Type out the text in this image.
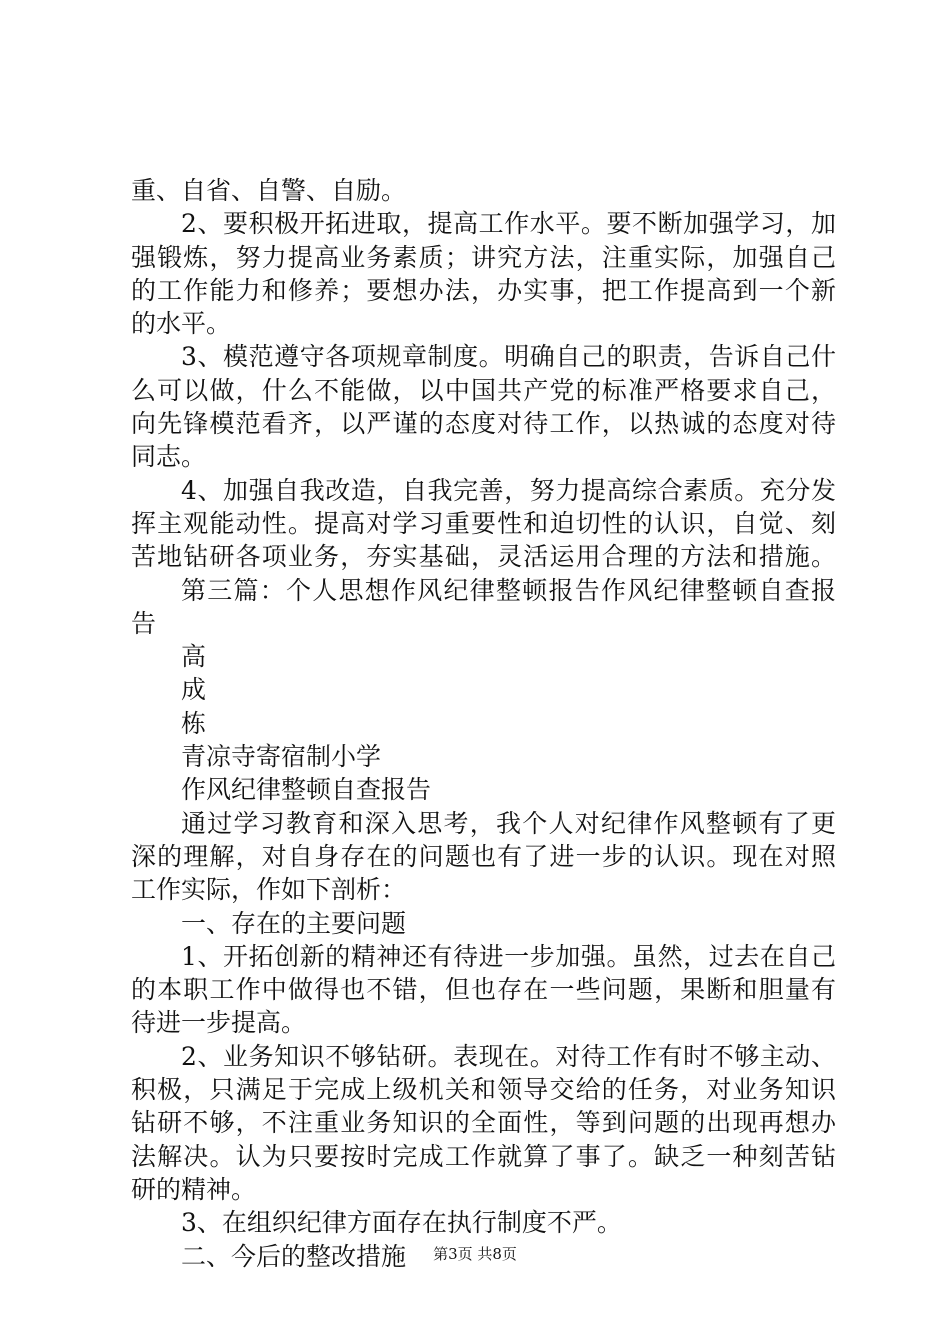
重、自省、自警、自励。
2、要积极开拓进取，提高工作水平。要不断加强学习，加
强锻炼，努力提高业务素质；讲究方法，注重实际，加强自己
的工作能力和修养；要想办法，办实事，把工作提高到一个新
的水平。
3、模范遵守各项规章制度。明确自己的职责，告诉自己什
么可以做，什么不能做，以中国共产党的标准严格要求自己，
向先锋模范看齐，以严谨的态度对待工作，以热诚的态度对待
同志。
4、加强自我改造，自我完善，努力提高综合素质。充分发
挥主观能动性。提高对学习重要性和迫切性的认识，自觉、刻
苦地钻研各项业务，夯实基础，灵活运用合理的方法和措施。
第三篇：个人思想作风纪律整顿报告作风纪律整顿自查报
告
高
成
栋
青凉寺寄宿制小学
作风纪律整顿自查报告
通过学习教育和深入思考，我个人对纪律作风整顿有了更
深的理解，对自身存在的问题也有了进一步的认识。现在对照
工作实际，作如下剖析：
一、存在的主要问题
1、开拓创新的精神还有待进一步加强。虽然，过去在自己
的本职工作中做得也不错，但也存在一些问题，果断和胆量有
待进一步提高。
2、业务知识不够钻研。表现在。对待工作有时不够主动、
积极，只满足于完成上级机关和领导交给的任务，对业务知识
钻研不够，不注重业务知识的全面性，等到问题的出现再想办
法解决。认为只要按时完成工作就算了事了。缺乏一种刻苦钻
研的精神。
3、在组织纪律方面存在执行制度不严。
二、今后的整改措施	第3页 共8页
